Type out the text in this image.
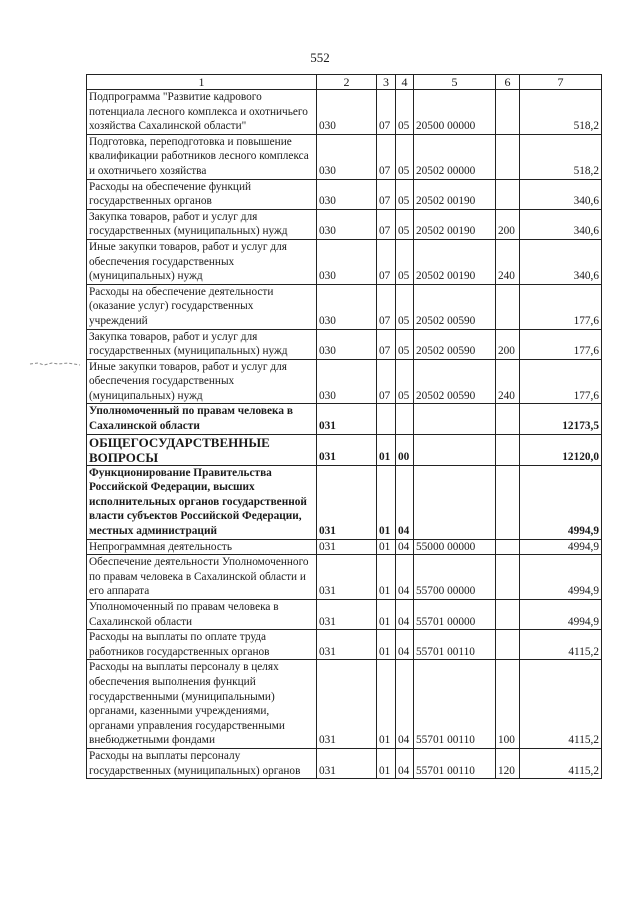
552
1	2	3	4	5	6	7
Подпрограмма "Развитие кадрового потенциала лесного комплекса и охотничьего хозяйства Сахалинской области"	030	07	05	20500 00000		518,2
Подготовка, переподготовка и повышение квалификации работников лесного комплекса и охотничьего хозяйства	030	07	05	20502 00000		518,2
Расходы на обеспечение функций государственных органов	030	07	05	20502 00190		340,6
Закупка товаров, работ и услуг для государственных (муниципальных) нужд	030	07	05	20502 00190	200	340,6
Иные закупки товаров, работ и услуг для обеспечения государственных (муниципальных) нужд	030	07	05	20502 00190	240	340,6
Расходы на обеспечение деятельности (оказание услуг) государственных учреждений	030	07	05	20502 00590		177,6
Закупка товаров, работ и услуг для государственных (муниципальных) нужд	030	07	05	20502 00590	200	177,6
Иные закупки товаров, работ и услуг для обеспечения государственных (муниципальных) нужд	030	07	05	20502 00590	240	177,6
Уполномоченный по правам человека в Сахалинской области	031					12173,5
ОБЩЕГОСУДАРСТВЕННЫЕ ВОПРОСЫ	031	01	00			12120,0
Функционирование Правительства Российской Федерации, высших исполнительных органов государственной власти субъектов Российской Федерации, местных администраций	031	01	04			4994,9
Непрограммная деятельность	031	01	04	55000 00000		4994,9
Обеспечение деятельности Уполномоченного по правам человека в Сахалинской области и его аппарата	031	01	04	55700 00000		4994,9
Уполномоченный по правам человека в Сахалинской области	031	01	04	55701 00000		4994,9
Расходы на выплаты по оплате труда работников государственных органов	031	01	04	55701 00110		4115,2
Расходы на выплаты персоналу в целях обеспечения выполнения функций государственными (муниципальными) органами, казенными учреждениями, органами управления государственными внебюджетными фондами	031	01	04	55701 00110	100	4115,2
Расходы на выплаты персоналу государственных (муниципальных) органов	031	01	04	55701 00110	120	4115,2
